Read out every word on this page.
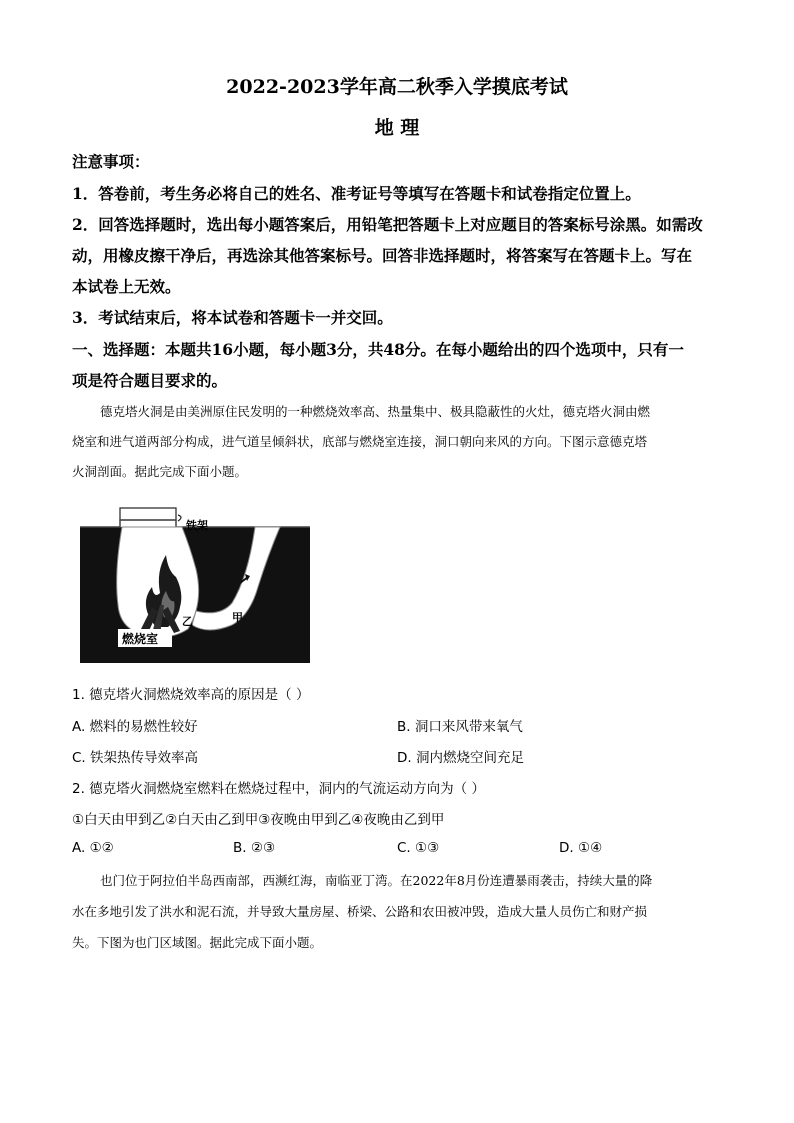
2022-2023学年高二秋季入学摸底考试
地 理

注意事项：

1．答卷前，考生务必将自己的姓名、准考证号等填写在答题卡和试卷指定位置上。

2．回答选择题时，选出每小题答案后，用铅笔把答题卡上对应题目的答案标号涂黑。如需改

动，用橡皮擦干净后，再选涂其他答案标号。回答非选择题时，将答案写在答题卡上。写在

本试卷上无效。

3．考试结束后，将本试卷和答题卡一并交回。

一、选择题：本题共16小题，每小题3分，共48分。在每小题给出的四个选项中，只有一

项是符合题目要求的。

德克塔火洞是由美洲原住民发明的一种燃烧效率高、热量集中、极具隐蔽性的火灶，德克塔火洞由燃

烧室和进气道两部分构成，进气道呈倾斜状，底部与燃烧室连接，洞口朝向来风的方向。下图示意德克塔

火洞剖面。据此完成下面小题。

铁架
乙	甲
燃烧室

1. 德克塔火洞燃烧效率高的原因是（ ）

A. 燃料的易燃性较好	B. 洞口来风带来氧气

C. 铁架热传导效率高	D. 洞内燃烧空间充足

2. 德克塔火洞燃烧室燃料在燃烧过程中，洞内的气流运动方向为（ ）

①白天由甲到乙②白天由乙到甲③夜晚由甲到乙④夜晚由乙到甲

A. ①②	B. ②③	C. ①③	D. ①④

也门位于阿拉伯半岛西南部，西濒红海，南临亚丁湾。在2022年8月份连遭暴雨袭击，持续大量的降

水在多地引发了洪水和泥石流，并导致大量房屋、桥梁、公路和农田被冲毁，造成大量人员伤亡和财产损

失。下图为也门区域图。据此完成下面小题。
